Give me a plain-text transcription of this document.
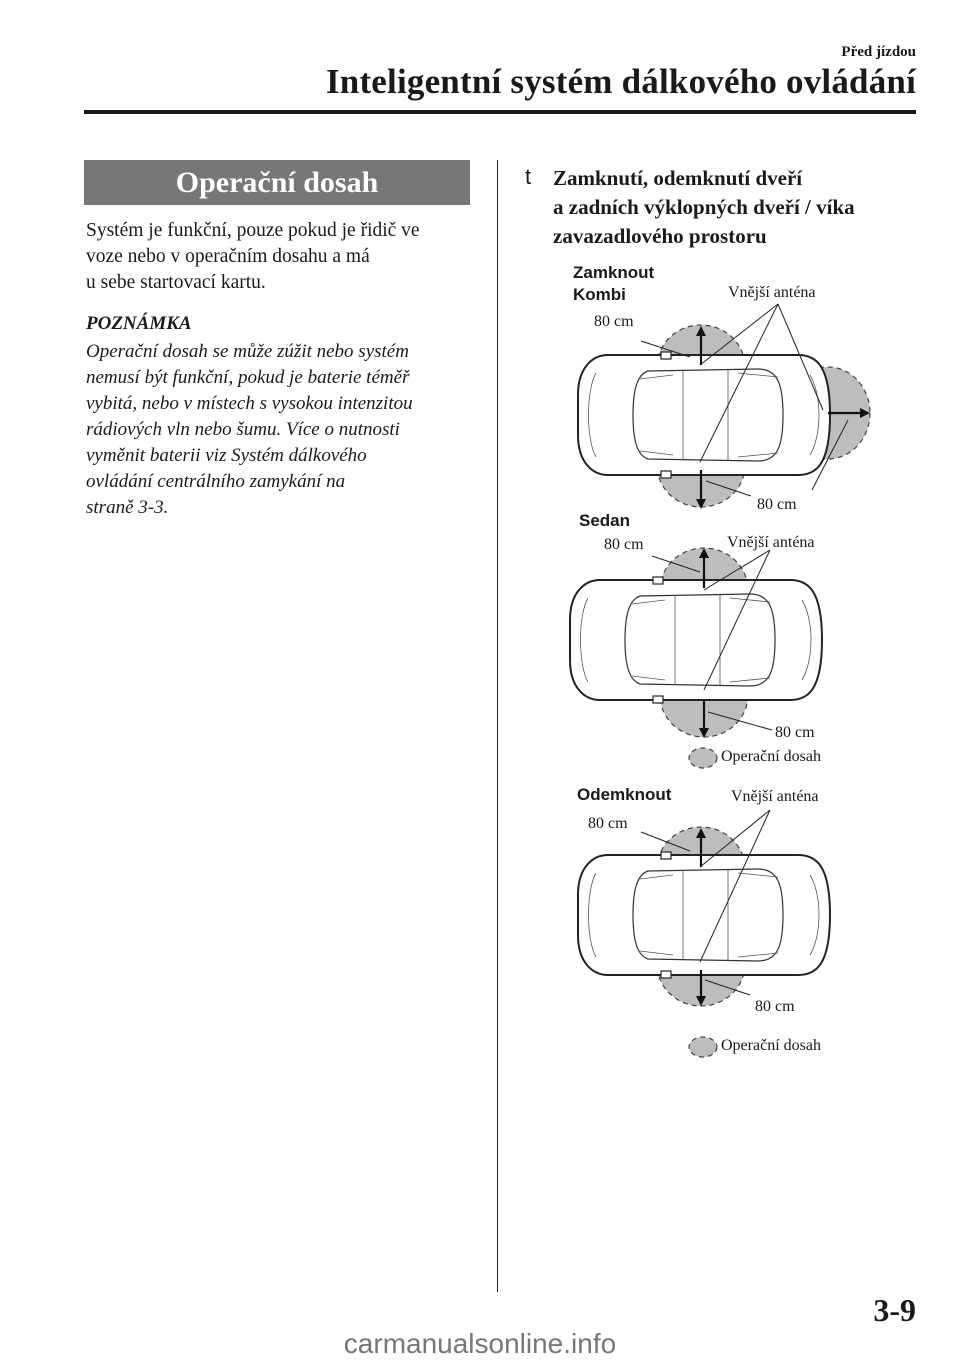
Před jízdou
Inteligentní systém dálkového ovládání
Operační dosah

Systém je funkční, pouze pokud je řidič ve

voze nebo v operačním dosahu a má

u sebe startovací kartu.

POZNÁMKA

Operační dosah se může zúžit nebo systém

nemusí být funkční, pokud je baterie téměř

vybitá, nebo v místech s vysokou intenzitou

rádiových vln nebo šumu. Více o nutnosti

vyměnit baterii viz Systém dálkového

ovládání centrálního zamykání na

straně 3-3.

t Zamknutí, odemknutí dveří

a zadních výklopných dveří / víka

zavazadlového prostoru

Zamknout
Kombi	Vnější anténa
80 cm
80 cm
Sedan
Vnější anténa
80 cm
80 cm
Operační dosah
Odemknout	Vnější anténa
80 cm
80 cm
Operační dosah
3-9
carmanualsonline.info
